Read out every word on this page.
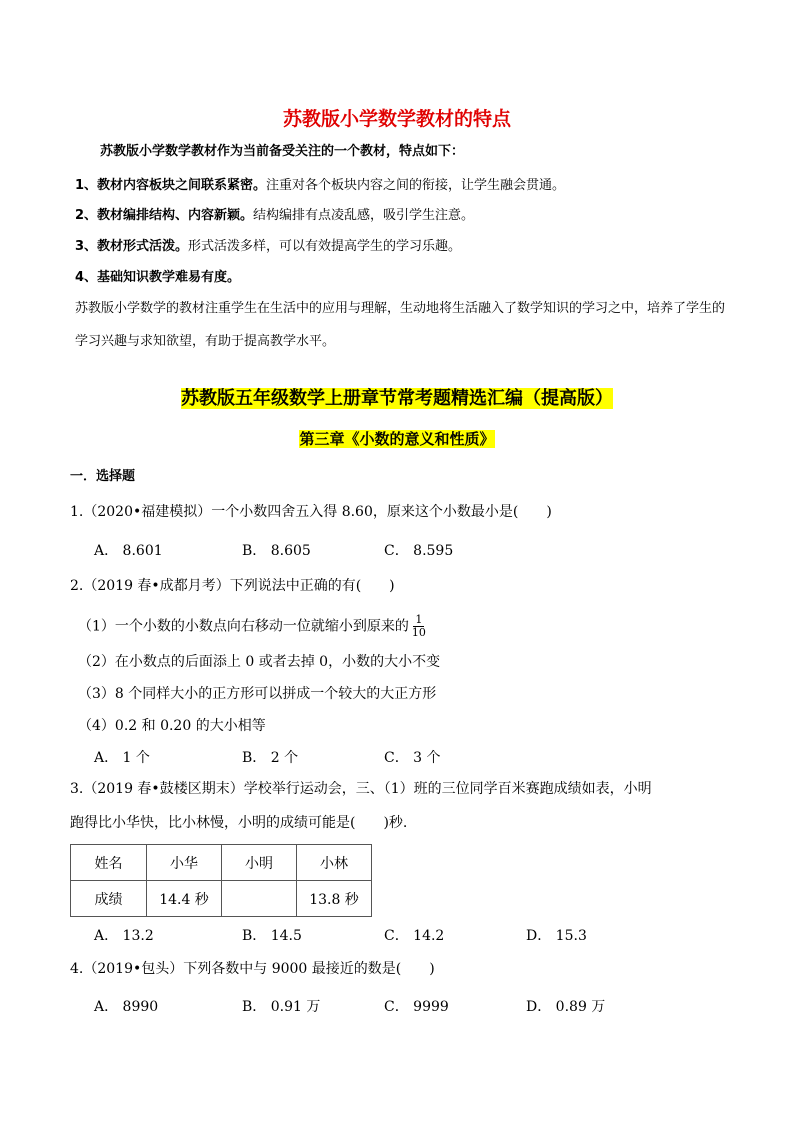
苏教版小学数学教材的特点
苏教版小学数学教材作为当前备受关注的一个教材，特点如下：
1、教材内容板块之间联系紧密。注重对各个板块内容之间的衔接，让学生融会贯通。
2、教材编排结构、内容新颖。结构编排有点凌乱感，吸引学生注意。
3、教材形式活泼。形式活泼多样，可以有效提高学生的学习乐趣。
4、基础知识教学难易有度。
苏教版小学数学的教材注重学生在生活中的应用与理解，生动地将生活融入了数学知识的学习之中，培养了学生的学习兴趣与求知欲望，有助于提高教学水平。
苏教版五年级数学上册章节常考题精选汇编（提高版）
第三章《小数的意义和性质》
一．选择题
1.（2020•福建模拟）一个小数四舍五入得 8.60，原来这个小数最小是(　　)
A． 8.601	B． 8.605	C． 8.595
2.（2019 春•成都月考）下列说法中正确的有(　　)
（1）一个小数的小数点向右移动一位就缩小到原来的 $\frac{1}{10}$
（2）在小数点的后面添上 0 或者去掉 0，小数的大小不变
（3）8 个同样大小的正方形可以拼成一个较大的大正方形
（4）0.2 和 0.20 的大小相等
A． 1 个	B． 2 个	C． 3 个
3.（2019 春•鼓楼区期末）学校举行运动会，三、（1）班的三位同学百米赛跑成绩如表，小明
跑得比小华快，比小林慢，小明的成绩可能是(　　)秒.
姓名	小华	小明	小林
成绩	14.4 秒		13.8 秒
A． 13.2	B． 14.5	C． 14.2	D． 15.3
4.（2019•包头）下列各数中与 9000 最接近的数是(　　)
A． 8990	B． 0.91 万	C． 9999	D． 0.89 万
